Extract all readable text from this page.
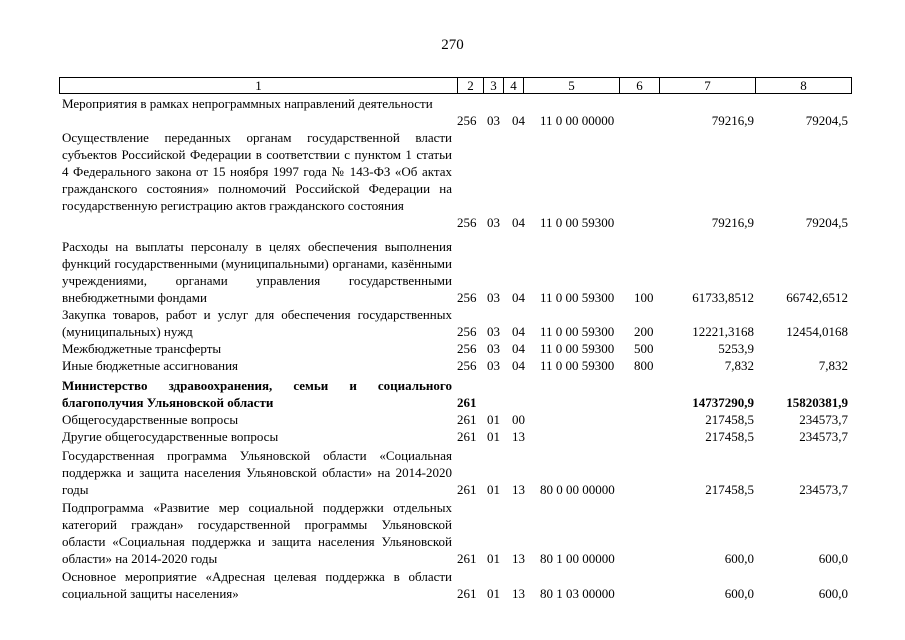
270
1	2	3	4	5	6	7	8
Мероприятия в рамках непрограммных направлений деятельности
256 03 04 11 0 00 00000	79216,9	79204,5
Осуществление переданных органам государственной власти субъектов Российской Федерации в соответствии с пунктом 1 статьи 4 Федерального закона от 15 ноября 1997 года № 143-ФЗ «Об актах гражданского состояния» полномочий Российской Федерации на государственную регистрацию актов гражданского состояния
256 03 04 11 0 00 59300	79216,9	79204,5
Расходы на выплаты персоналу в целях обеспечения выполнения функций государственными (муниципальными) органами, казёнными учреждениями, органами управления государственными внебюджетными фондами	256 03 04 11 0 00 59300 100	61733,8512	66742,6512
Закупка товаров, работ и услуг для обеспечения государственных (муниципальных) нужд	256 03 04 11 0 00 59300 200	12221,3168	12454,0168
Межбюджетные трансферты	256 03 04 11 0 00 59300 500	5253,9
Иные бюджетные ассигнования	256 03 04 11 0 00 59300 800	7,832	7,832
Министерство здравоохранения, семьи и социального благополучия Ульяновской области	261	14737290,9	15820381,9
Общегосударственные вопросы	261 01 00	217458,5	234573,7
Другие общегосударственные вопросы	261 01 13	217458,5	234573,7
Государственная программа Ульяновской области «Социальная поддержка и защита населения Ульяновской области» на 2014-2020 годы	261 01 13 80 0 00 00000	217458,5	234573,7
Подпрограмма «Развитие мер социальной поддержки отдельных категорий граждан» государственной программы Ульяновской области «Социальная поддержка и защита населения Ульяновской области» на 2014-2020 годы	261 01 13 80 1 00 00000	600,0	600,0
Основное мероприятие «Адресная целевая поддержка в области социальной защиты населения»	261 01 13 80 1 03 00000	600,0	600,0
